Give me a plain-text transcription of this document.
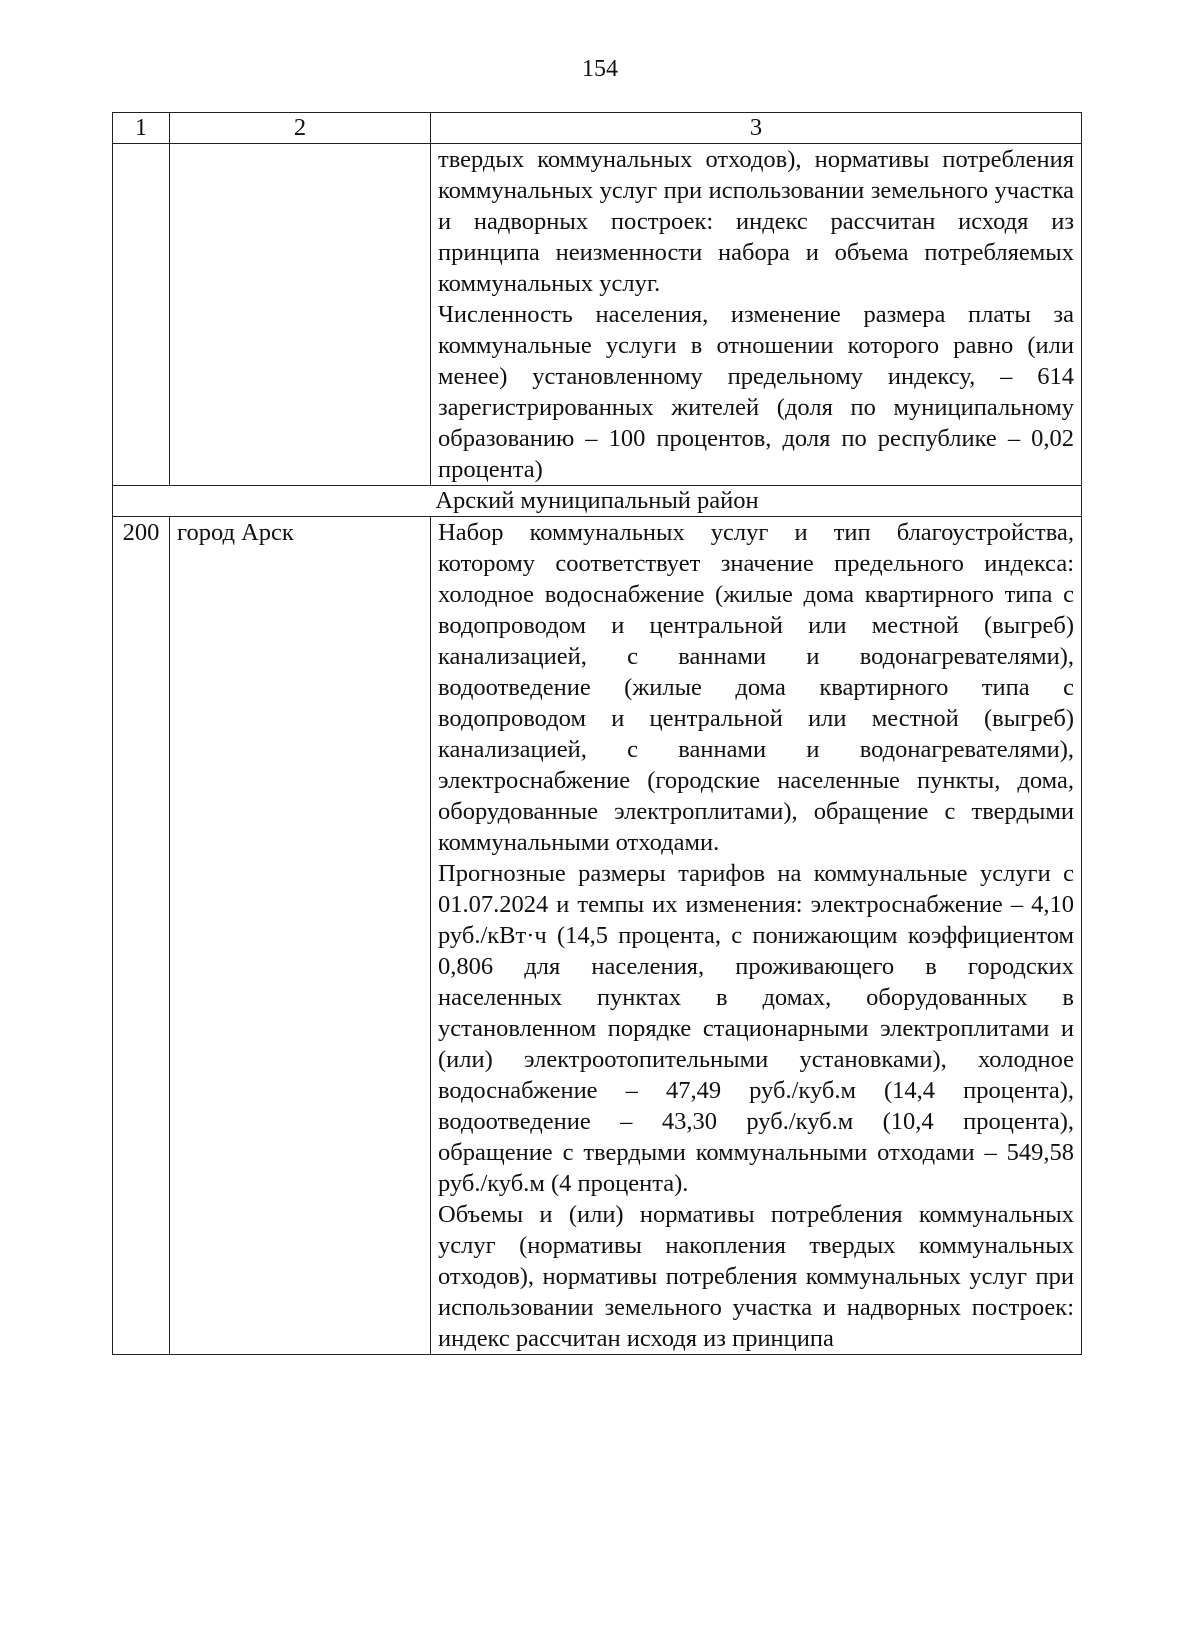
154
1	2	3

		твердых коммунальных отходов), нормативы потребления коммунальных услуг при использовании земельного участка и надворных построек: индекс рассчитан исходя из принципа неизменности набора и объема потребляемых коммунальных услуг.

Численность населения, изменение размера платы за коммунальные услуги в отношении которого равно (или менее) установленному предельному индексу, – 614 зарегистрированных жителей (доля по муниципальному образованию – 100 процентов, доля по республике – 0,02 процента)

Арский муниципальный район		
200	город Арск	Набор коммунальных услуг и тип благоустройства, которому соответствует значение предельного индекса: холодное водоснабжение (жилые дома квартирного типа с водопроводом и центральной или местной (выгреб) канализацией, с ваннами и водонагревателями), водоотведение (жилые дома квартирного типа с водопроводом и центральной или местной (выгреб) канализацией, с ваннами и водонагревателями), электроснабжение (городские населенные пункты, дома, оборудованные электроплитами), обращение с твердыми коммунальными отходами.

Прогнозные размеры тарифов на коммунальные услуги с 01.07.2024 и темпы их изменения: электроснабжение – 4,10 руб./кВт·ч (14,5 процента, с понижающим коэффициентом 0,806 для населения, проживающего в городских населенных пунктах в домах, оборудованных в установленном порядке стационарными электроплитами и (или) электроотопительными установками), холодное водоснабжение – 47,49 руб./куб.м (14,4 процента), водоотведение – 43,30 руб./куб.м (10,4 процента), обращение с твердыми коммунальными отходами – 549,58 руб./куб.м (4 процента).

Объемы и (или) нормативы потребления коммунальных услуг (нормативы накопления твердых коммунальных отходов), нормативы потребления коммунальных услуг при использовании земельного участка и надворных построек: индекс рассчитан исходя из принципа
